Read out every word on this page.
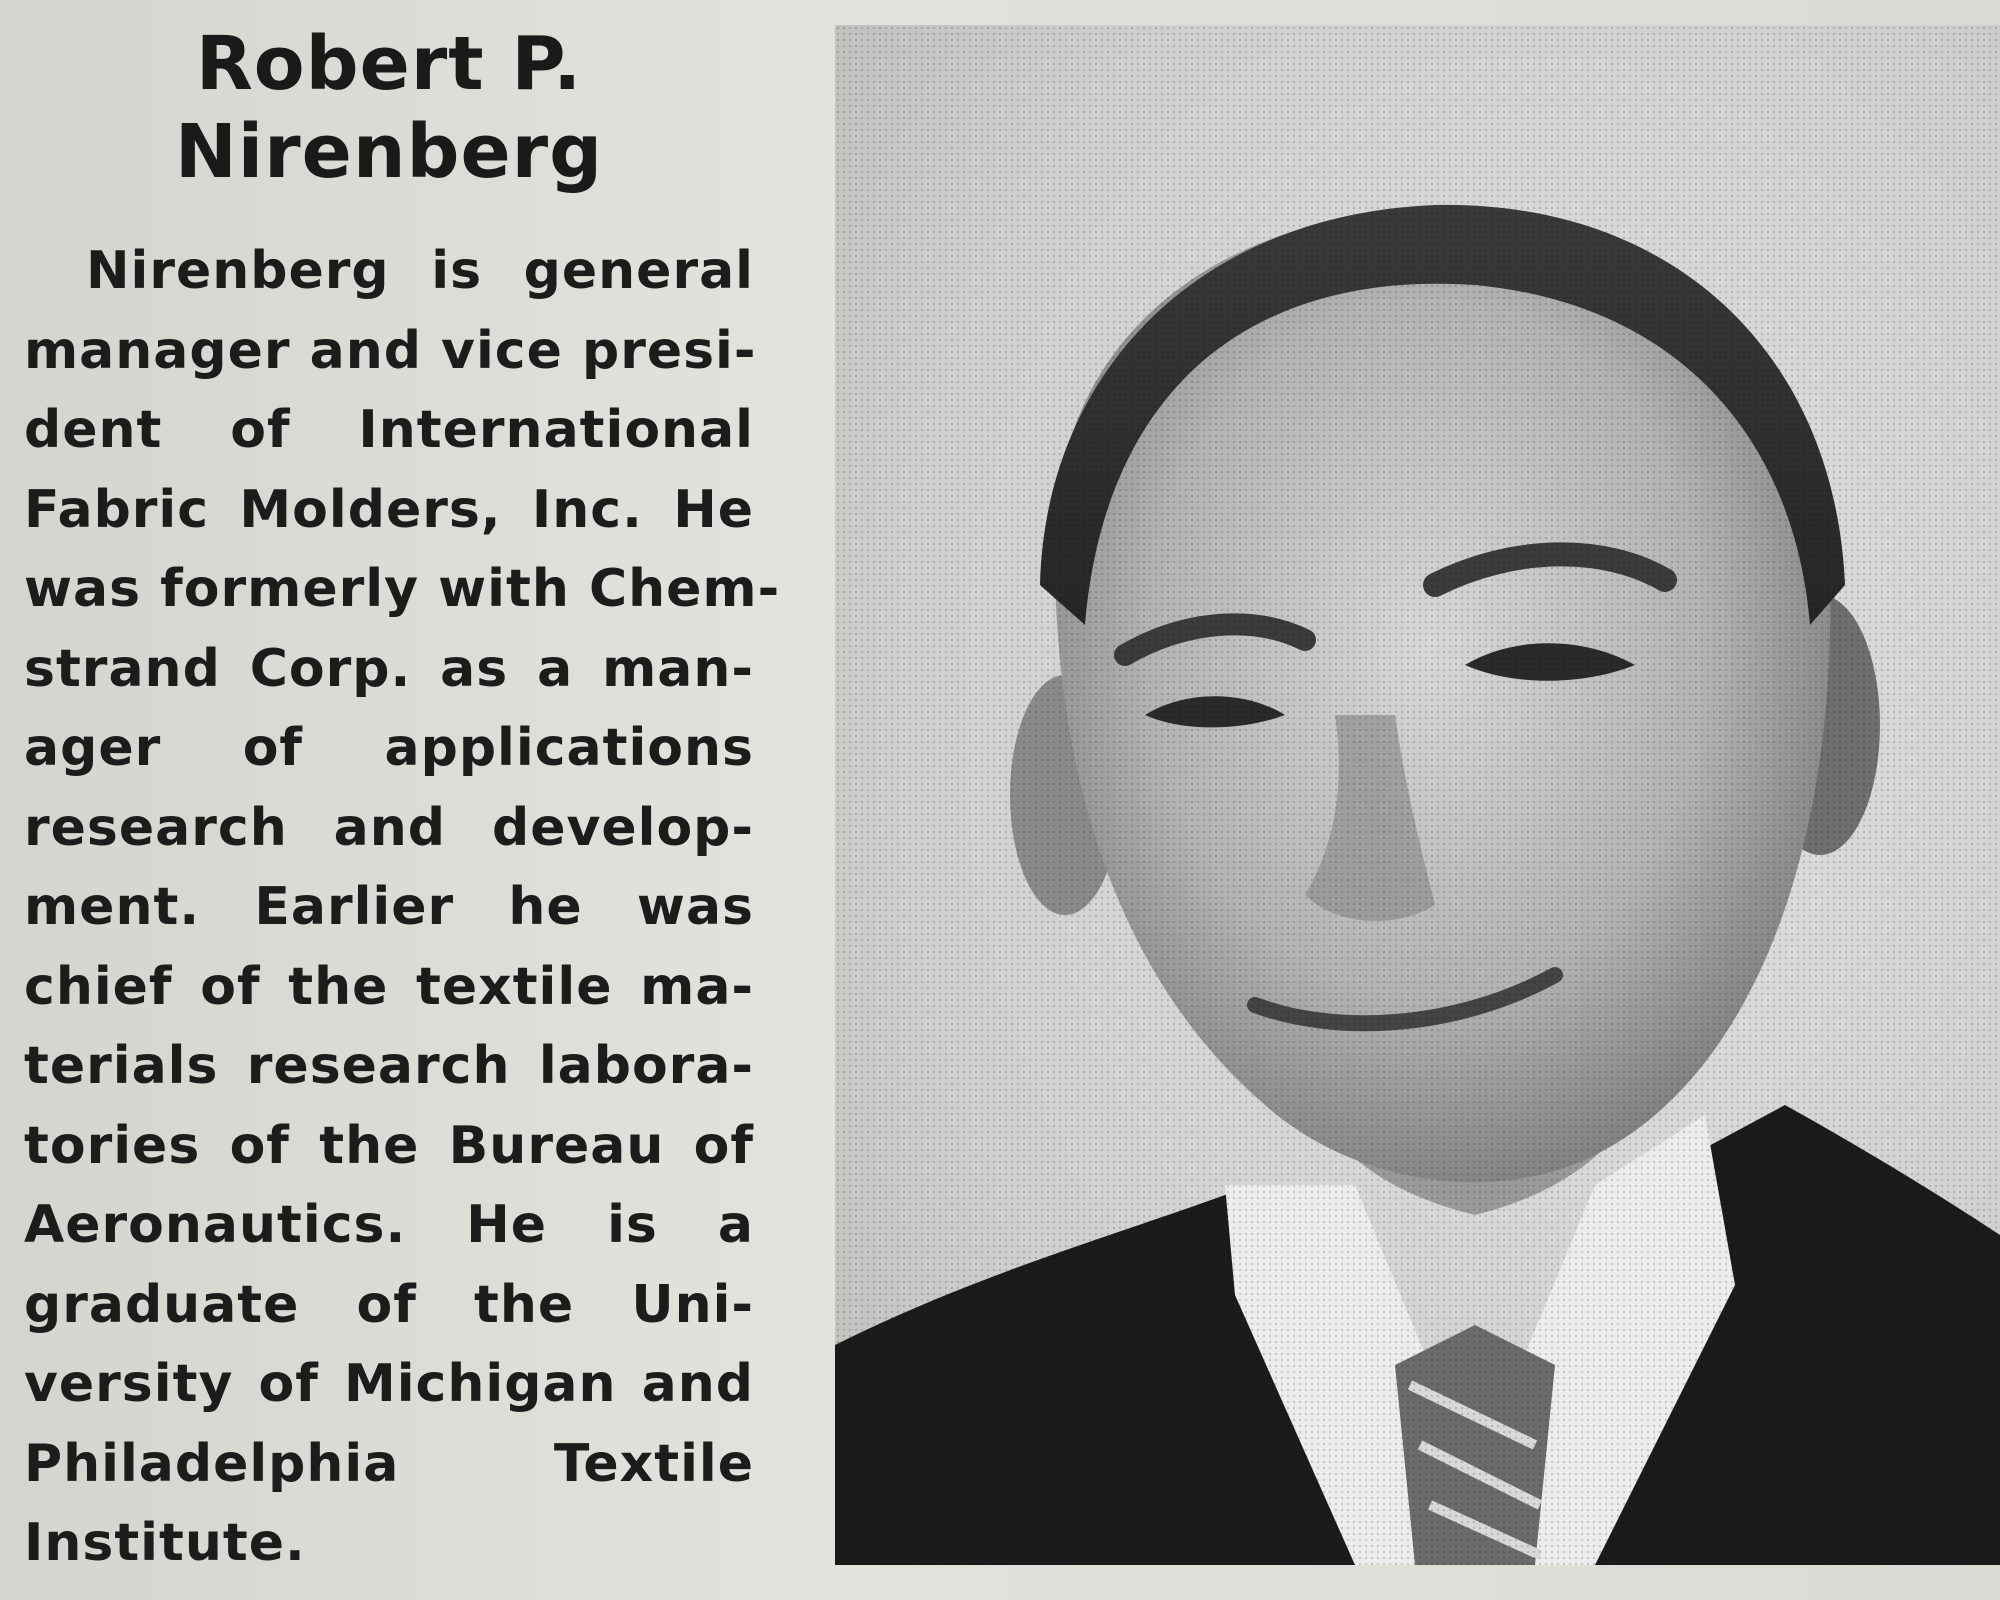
Robert P.
Nirenberg
Nirenberg is general
manager and vice presi-
dent of International
Fabric Molders, Inc. He
was formerly with Chem-
strand Corp. as a man-
ager of applications
research and develop-
ment. Earlier he was
chief of the textile ma-
terials research labora-
tories of the Bureau of
Aeronautics. He is a
graduate of the Uni-
versity of Michigan and
Philadelphia Textile
Institute.
